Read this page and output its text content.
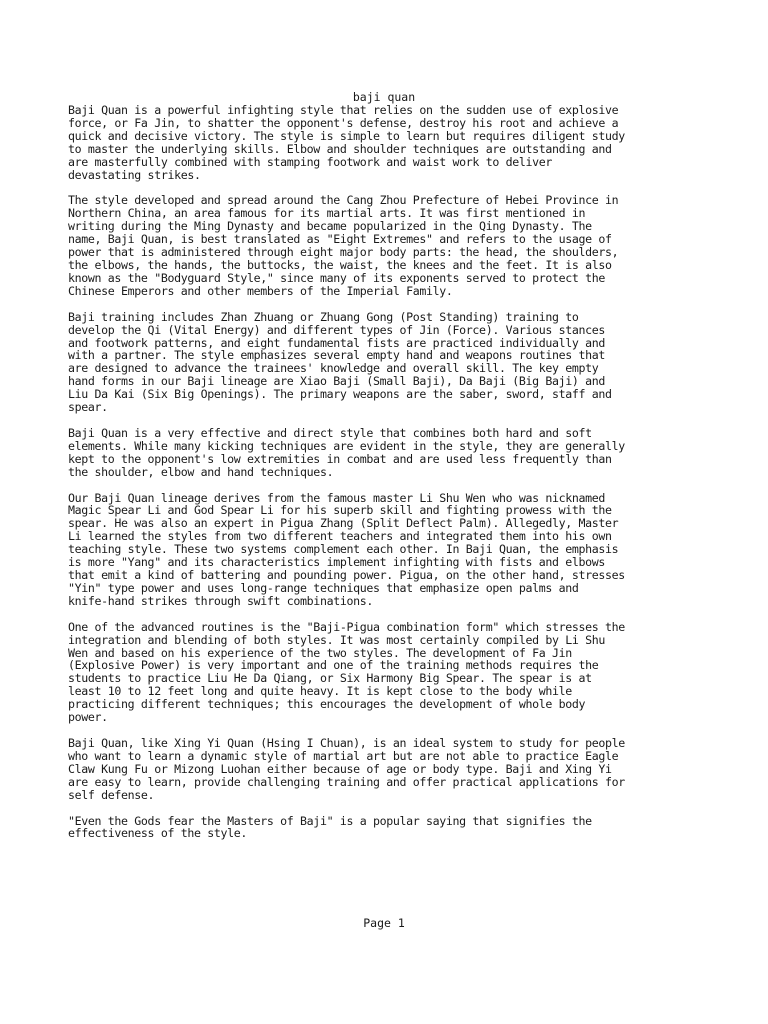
baji quan
Baji Quan is a powerful infighting style that relies on the sudden use of explosive
force, or Fa Jin, to shatter the opponent's defense, destroy his root and achieve a
quick and decisive victory. The style is simple to learn but requires diligent study
to master the underlying skills. Elbow and shoulder techniques are outstanding and
are masterfully combined with stamping footwork and waist work to deliver
devastating strikes.
The style developed and spread around the Cang Zhou Prefecture of Hebei Province in
Northern China, an area famous for its martial arts. It was first mentioned in
writing during the Ming Dynasty and became popularized in the Qing Dynasty. The
name, Baji Quan, is best translated as "Eight Extremes" and refers to the usage of
power that is administered through eight major body parts: the head, the shoulders,
the elbows, the hands, the buttocks, the waist, the knees and the feet. It is also
known as the "Bodyguard Style," since many of its exponents served to protect the
Chinese Emperors and other members of the Imperial Family.
Baji training includes Zhan Zhuang or Zhuang Gong (Post Standing) training to
develop the Qi (Vital Energy) and different types of Jin (Force). Various stances
and footwork patterns, and eight fundamental fists are practiced individually and
with a partner. The style emphasizes several empty hand and weapons routines that
are designed to advance the trainees' knowledge and overall skill. The key empty
hand forms in our Baji lineage are Xiao Baji (Small Baji), Da Baji (Big Baji) and
Liu Da Kai (Six Big Openings). The primary weapons are the saber, sword, staff and
spear.
Baji Quan is a very effective and direct style that combines both hard and soft
elements. While many kicking techniques are evident in the style, they are generally
kept to the opponent's low extremities in combat and are used less frequently than
the shoulder, elbow and hand techniques.
Our Baji Quan lineage derives from the famous master Li Shu Wen who was nicknamed
Magic Spear Li and God Spear Li for his superb skill and fighting prowess with the
spear. He was also an expert in Pigua Zhang (Split Deflect Palm). Allegedly, Master
Li learned the styles from two different teachers and integrated them into his own
teaching style. These two systems complement each other. In Baji Quan, the emphasis
is more "Yang" and its characteristics implement infighting with fists and elbows
that emit a kind of battering and pounding power. Pigua, on the other hand, stresses
"Yin" type power and uses long-range techniques that emphasize open palms and
knife-hand strikes through swift combinations.
One of the advanced routines is the "Baji-Pigua combination form" which stresses the
integration and blending of both styles. It was most certainly compiled by Li Shu
Wen and based on his experience of the two styles. The development of Fa Jin
(Explosive Power) is very important and one of the training methods requires the
students to practice Liu He Da Qiang, or Six Harmony Big Spear. The spear is at
least 10 to 12 feet long and quite heavy. It is kept close to the body while
practicing different techniques; this encourages the development of whole body
power.
Baji Quan, like Xing Yi Quan (Hsing I Chuan), is an ideal system to study for people
who want to learn a dynamic style of martial art but are not able to practice Eagle
Claw Kung Fu or Mizong Luohan either because of age or body type. Baji and Xing Yi
are easy to learn, provide challenging training and offer practical applications for
self defense.
"Even the Gods fear the Masters of Baji" is a popular saying that signifies the
effectiveness of the style.
Page 1
